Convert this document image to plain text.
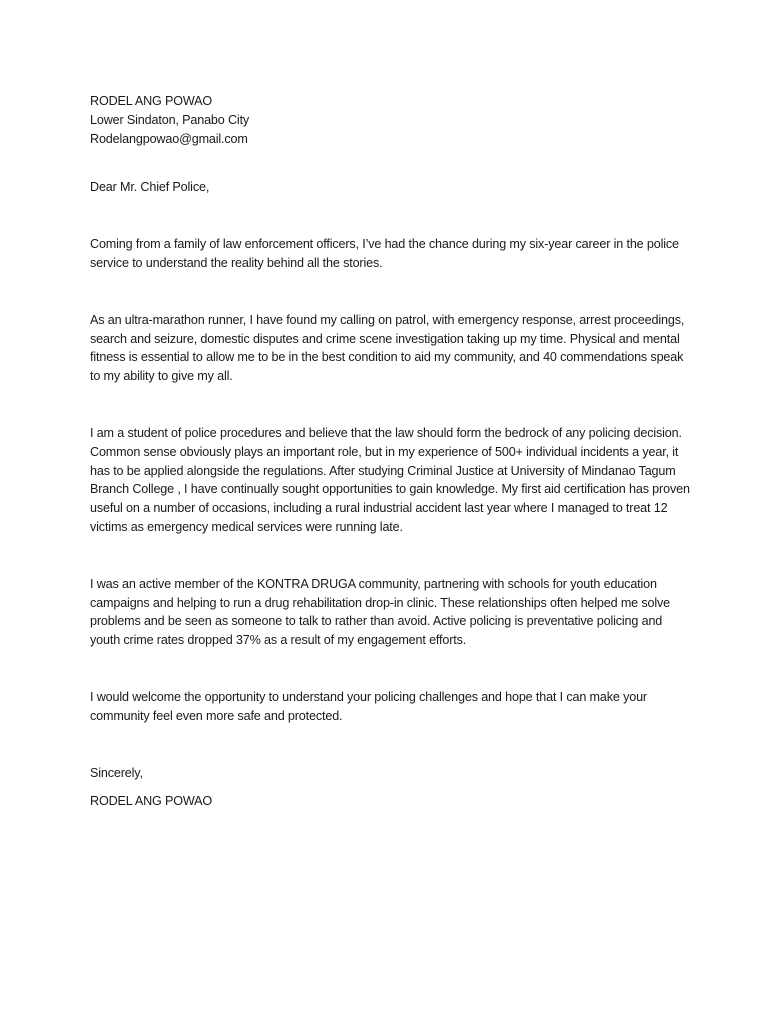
RODEL ANG POWAO

Lower Sindaton, Panabo City

Rodelangpowao@gmail.com

Dear Mr. Chief Police,

Coming from a family of law enforcement officers, I’ve had the chance during my six-year career in the police service to understand the reality behind all the stories.

As an ultra-marathon runner, I have found my calling on patrol, with emergency response, arrest proceedings, search and seizure, domestic disputes and crime scene investigation taking up my time. Physical and mental fitness is essential to allow me to be in the best condition to aid my community, and 40 commendations speak to my ability to give my all.

I am a student of police procedures and believe that the law should form the bedrock of any policing decision. Common sense obviously plays an important role, but in my experience of 500+ individual incidents a year, it has to be applied alongside the regulations. After studying Criminal Justice at University of Mindanao Tagum Branch College , I have continually sought opportunities to gain knowledge. My first aid certification has proven useful on a number of occasions, including a rural industrial accident last year where I managed to treat 12 victims as emergency medical services were running late.

I was an active member of the KONTRA DRUGA community, partnering with schools for youth education campaigns and helping to run a drug rehabilitation drop-in clinic. These relationships often helped me solve problems and be seen as someone to talk to rather than avoid. Active policing is preventative policing and youth crime rates dropped 37% as a result of my engagement efforts.

I would welcome the opportunity to understand your policing challenges and hope that I can make your community feel even more safe and protected.

Sincerely,

RODEL ANG POWAO
